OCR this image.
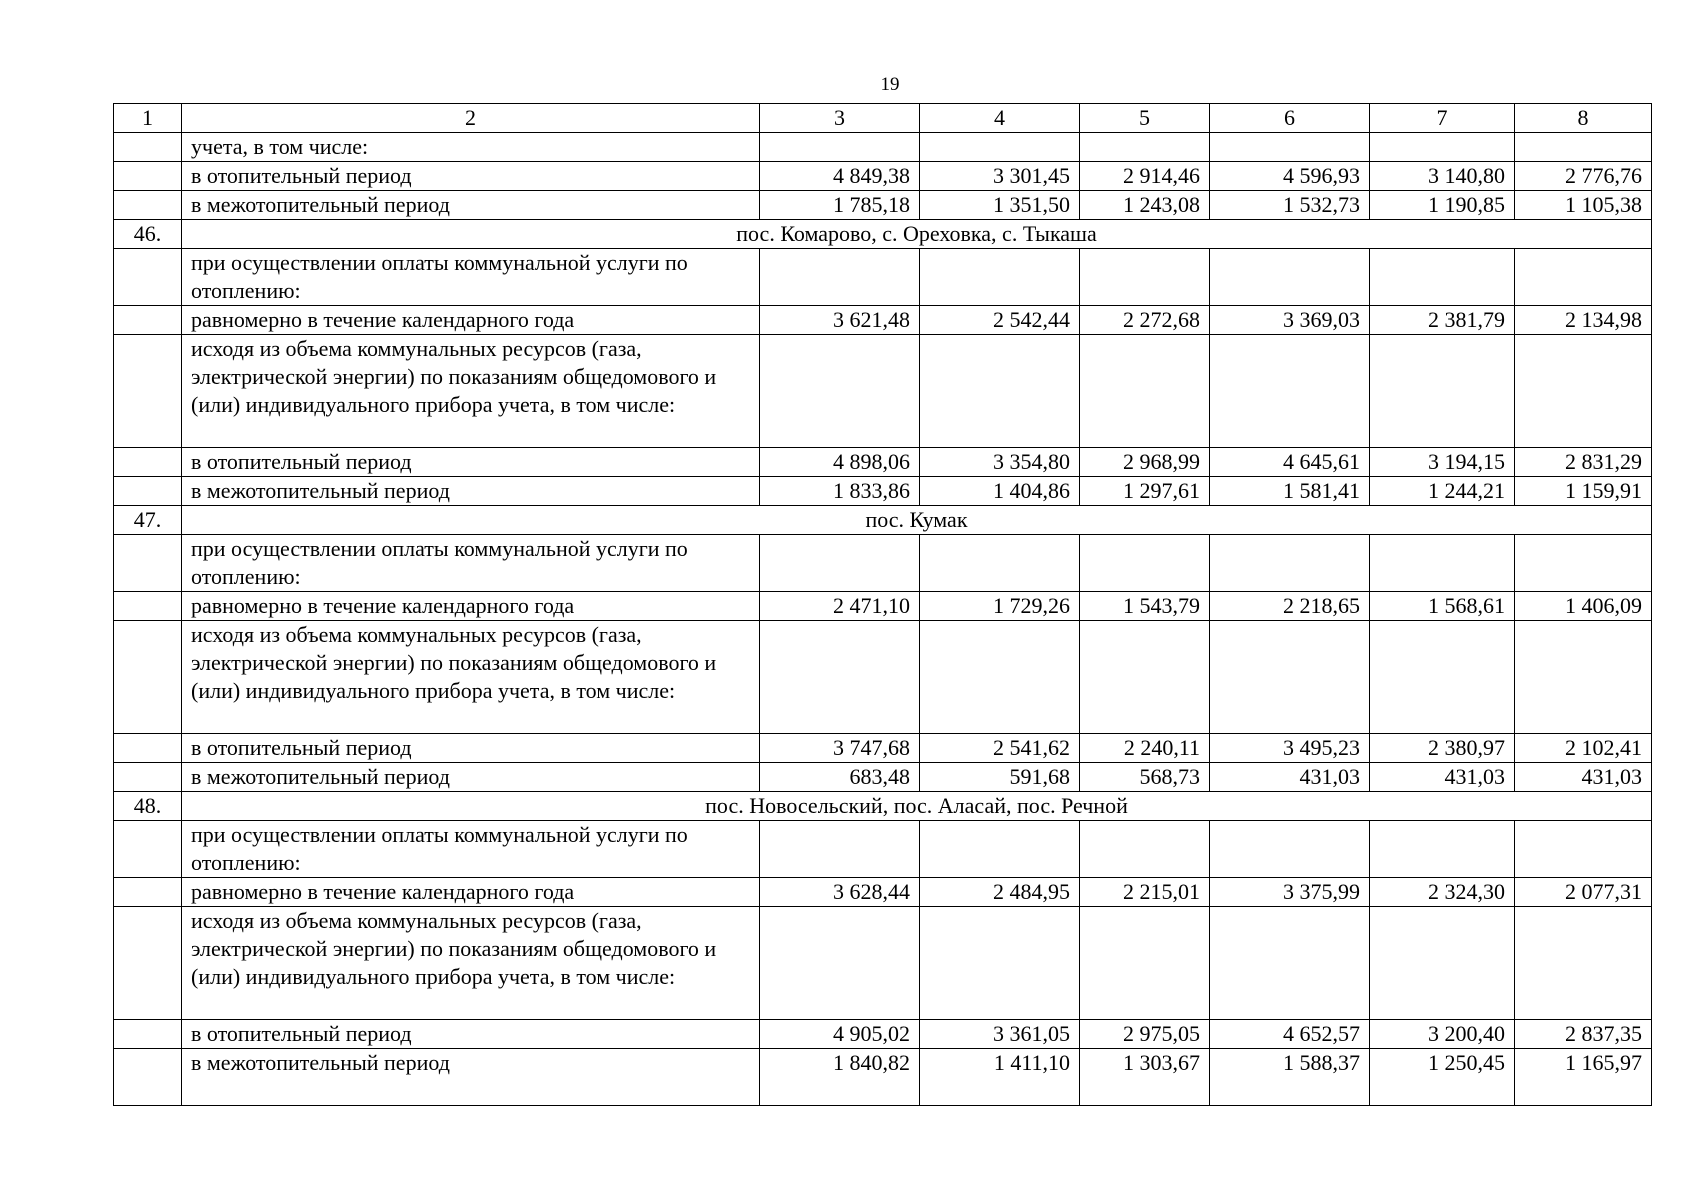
19
1	2	3	4	5	6	7	8
	учета, в том числе:						
	в отопительный период	4 849,38	3 301,45	2 914,46	4 596,93	3 140,80	2 776,76
	в межотопительный период	1 785,18	1 351,50	1 243,08	1 532,73	1 190,85	1 105,38
46.	пос. Комарово, с. Ореховка, с. Тыкаша						
	при осуществлении оплаты коммунальной услуги по отоплению:						
	равномерно в течение календарного года	3 621,48	2 542,44	2 272,68	3 369,03	2 381,79	2 134,98
	исходя из объема коммунальных ресурсов (газа, электрической энергии) по показаниям общедомового и (или) индивидуального прибора учета, в том числе:						
	в отопительный период	4 898,06	3 354,80	2 968,99	4 645,61	3 194,15	2 831,29
	в межотопительный период	1 833,86	1 404,86	1 297,61	1 581,41	1 244,21	1 159,91
47.	пос. Кумак						
	при осуществлении оплаты коммунальной услуги по отоплению:						
	равномерно в течение календарного года	2 471,10	1 729,26	1 543,79	2 218,65	1 568,61	1 406,09
	исходя из объема коммунальных ресурсов (газа, электрической энергии) по показаниям общедомового и (или) индивидуального прибора учета, в том числе:						
	в отопительный период	3 747,68	2 541,62	2 240,11	3 495,23	2 380,97	2 102,41
	в межотопительный период	683,48	591,68	568,73	431,03	431,03	431,03
48.	пос. Новосельский, пос. Аласай, пос. Речной						
	при осуществлении оплаты коммунальной услуги по отоплению:						
	равномерно в течение календарного года	3 628,44	2 484,95	2 215,01	3 375,99	2 324,30	2 077,31
	исходя из объема коммунальных ресурсов (газа, электрической энергии) по показаниям общедомового и (или) индивидуального прибора учета, в том числе:						
	в отопительный период	4 905,02	3 361,05	2 975,05	4 652,57	3 200,40	2 837,35
	в межотопительный период	1 840,82	1 411,10	1 303,67	1 588,37	1 250,45	1 165,97
